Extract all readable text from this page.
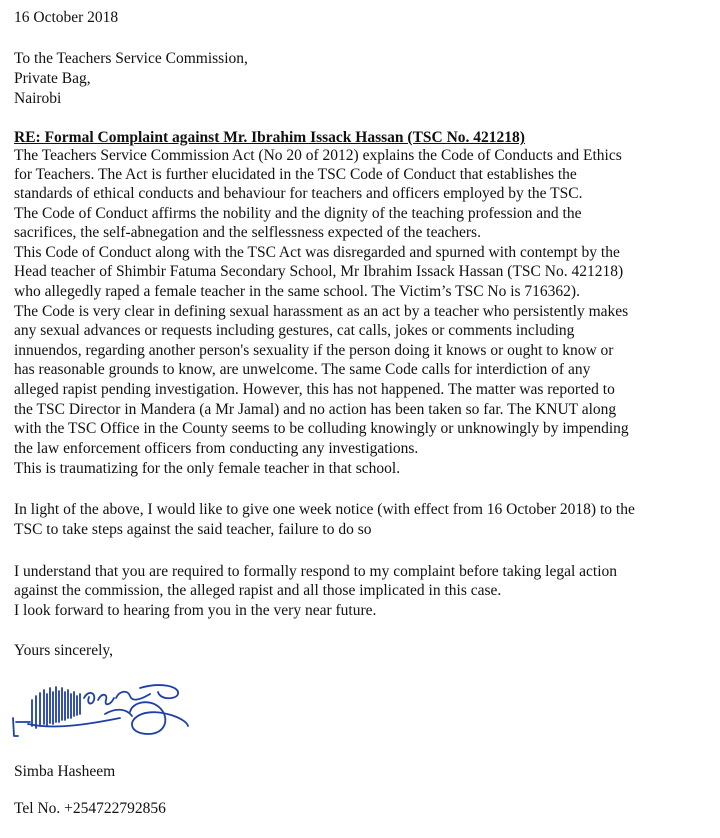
16 October 2018
To the Teachers Service Commission,
Private Bag,
Nairobi
RE: Formal Complaint against Mr. Ibrahim Issack Hassan (TSC No. 421218)
The Teachers Service Commission Act (No 20 of 2012) explains the Code of Conducts and Ethics
for Teachers. The Act is further elucidated in the TSC Code of Conduct that establishes the
standards of ethical conducts and behaviour for teachers and officers employed by the TSC.
The Code of Conduct affirms the nobility and the dignity of the teaching profession and the
sacrifices, the self-abnegation and the selflessness expected of the teachers.
This Code of Conduct along with the TSC Act was disregarded and spurned with contempt by the
Head teacher of Shimbir Fatuma Secondary School, Mr Ibrahim Issack Hassan (TSC No. 421218)
who allegedly raped a female teacher in the same school. The Victim’s TSC No is 716362).
The Code is very clear in defining sexual harassment as an act by a teacher who persistently makes
any sexual advances or requests including gestures, cat calls, jokes or comments including
innuendos, regarding another person's sexuality if the person doing it knows or ought to know or
has reasonable grounds to know, are unwelcome. The same Code calls for interdiction of any
alleged rapist pending investigation. However, this has not happened. The matter was reported to
the TSC Director in Mandera (a Mr Jamal) and no action has been taken so far. The KNUT along
with the TSC Office in the County seems to be colluding knowingly or unknowingly by impending
the law enforcement officers from conducting any investigations.
This is traumatizing for the only female teacher in that school.
In light of the above, I would like to give one week notice (with effect from 16 October 2018) to the
TSC to take steps against the said teacher, failure to do so
I understand that you are required to formally respond to my complaint before taking legal action
against the commission, the alleged rapist and all those implicated in this case.
I look forward to hearing from you in the very near future.
Yours sincerely,
Simba Hasheem
Tel No. +254722792856
